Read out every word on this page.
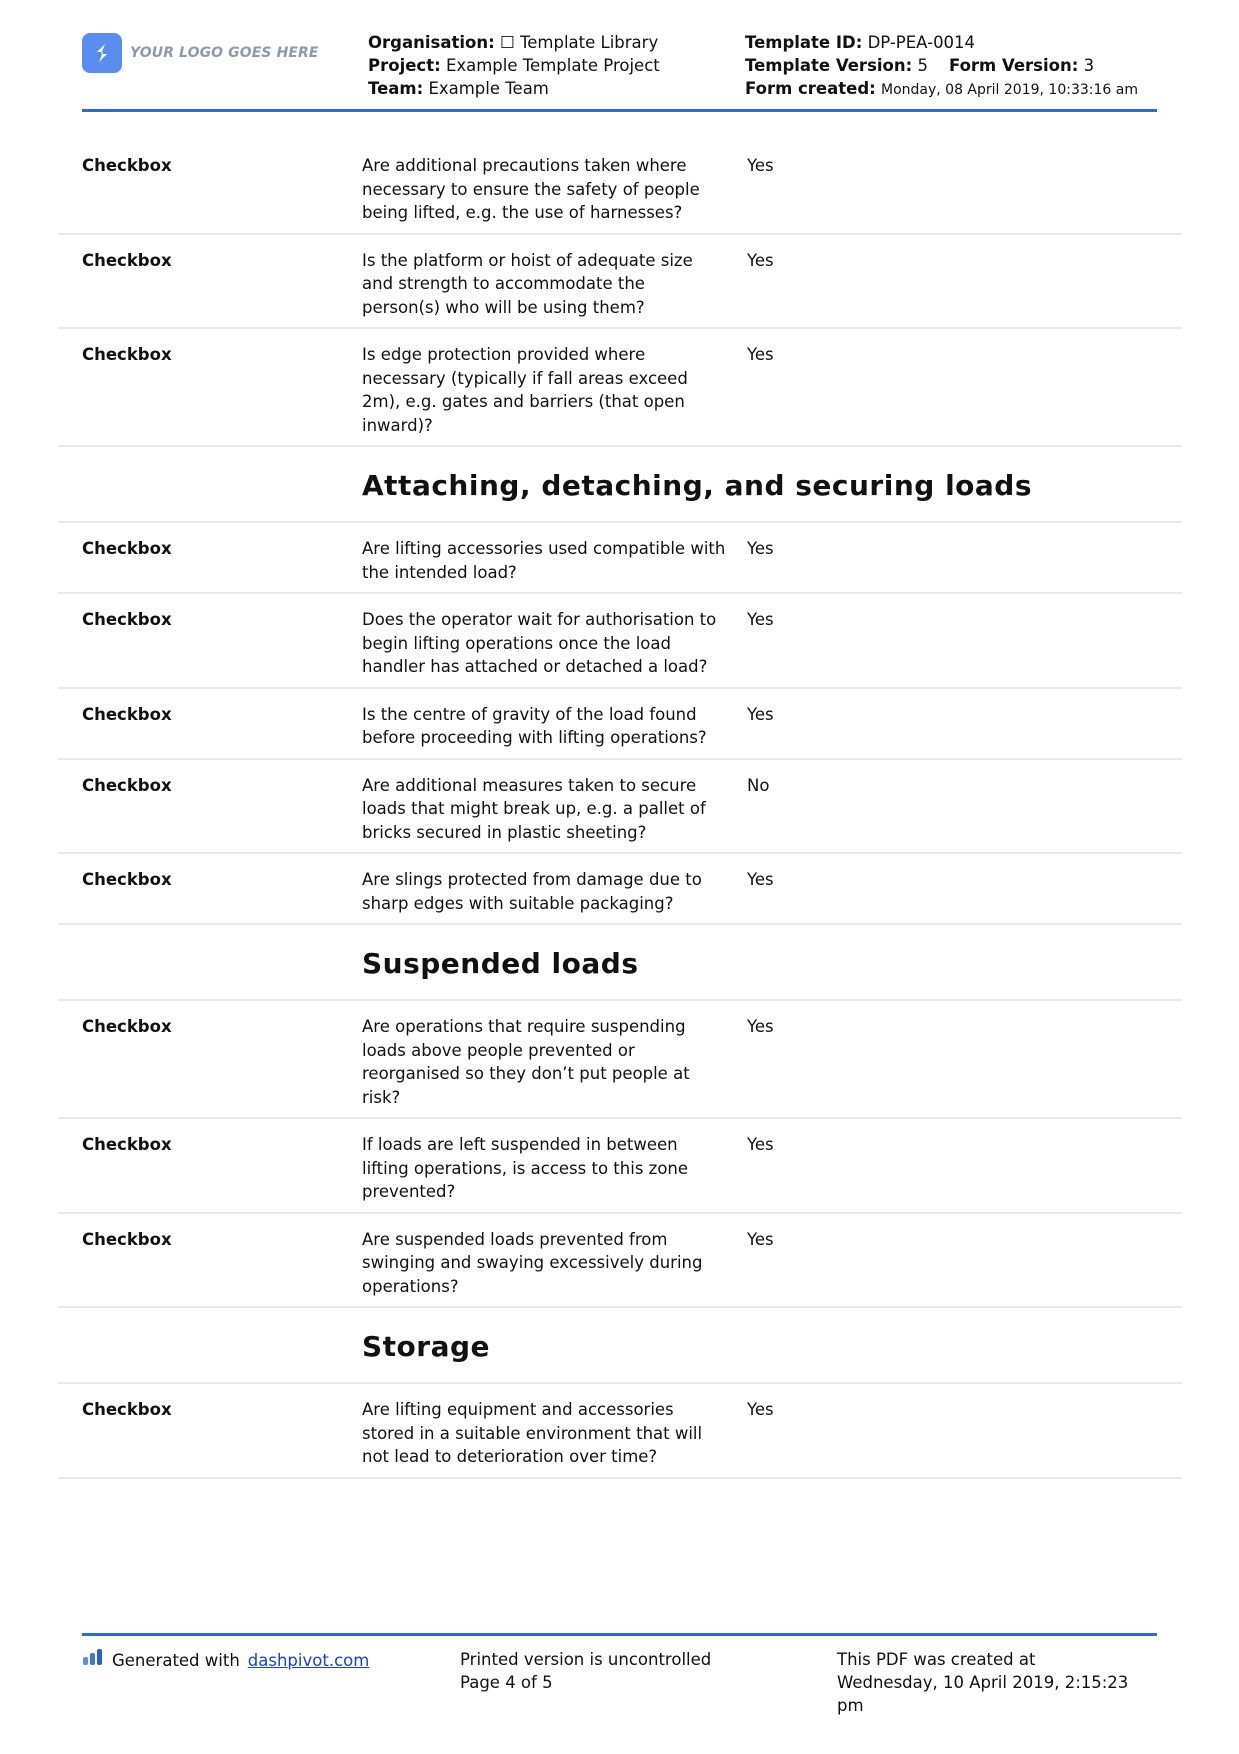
YOUR LOGO GOES HERE
Organisation: ☐ Template Library
Project: Example Template Project
Team: Example Team
Template ID: DP-PEA-0014
Template Version: 5 Form Version: 3
Form created: Monday, 08 April 2019, 10:33:16 am
Checkbox	Are additional precautions taken where necessary to ensure the safety of people being lifted, e.g. the use of harnesses?
Yes
Checkbox	Is the platform or hoist of adequate size and strength to accommodate the person(s) who will be using them?
Yes
Checkbox	Is edge protection provided where necessary (typically if fall areas exceed 2m), e.g. gates and barriers (that open inward)?
Yes
Attaching, detaching, and securing loads
Checkbox	Are lifting accessories used compatible with the intended load?
Yes
Checkbox	Does the operator wait for authorisation to begin lifting operations once the load handler has attached or detached a load?
Yes
Checkbox	Is the centre of gravity of the load found before proceeding with lifting operations?
Yes
Checkbox	Are additional measures taken to secure loads that might break up, e.g. a pallet of bricks secured in plastic sheeting?
No
Checkbox	Are slings protected from damage due to sharp edges with suitable packaging?
Yes
Suspended loads
Checkbox	Are operations that require suspending loads above people prevented or reorganised so they don’t put people at risk?
Yes
Checkbox	If loads are left suspended in between lifting operations, is access to this zone prevented?
Yes
Checkbox	Are suspended loads prevented from swinging and swaying excessively during operations?
Yes
Storage
Checkbox	Are lifting equipment and accessories stored in a suitable environment that will not lead to deterioration over time?
Yes
Generated with dashpivot.com	Printed version is uncontrolled
Page 4 of 5
This PDF was created at Wednesday, 10 April 2019, 2:15:23 pm
